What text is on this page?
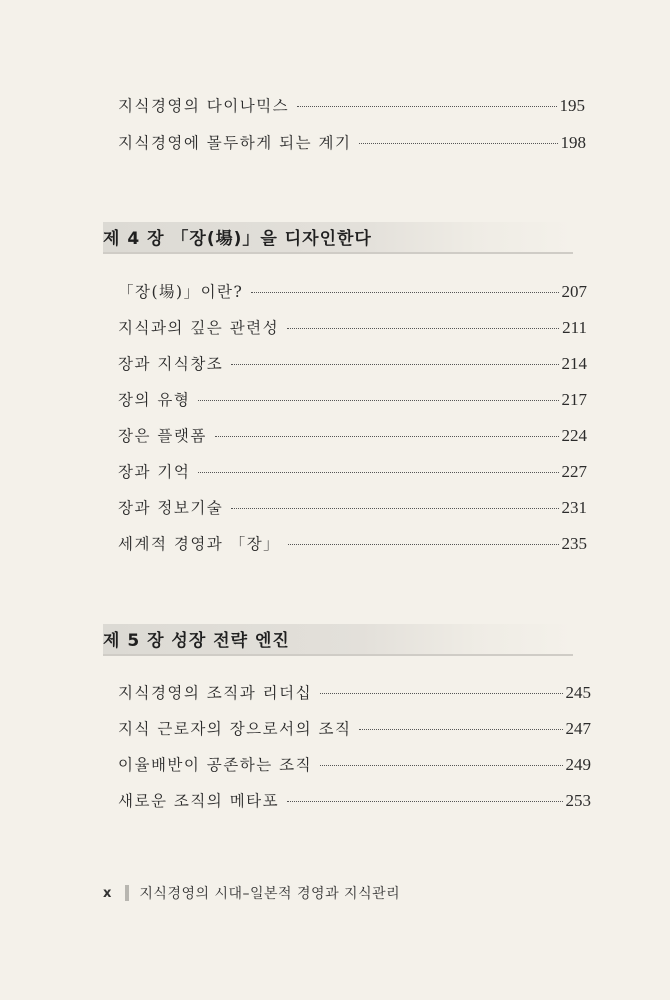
지식경영의 다이나믹스	195
지식경영에 몰두하게 되는 계기	198
제 4 장 「장(場)」을 디자인한다
「장(場)」이란?	207
지식과의 깊은 관련성	211
장과 지식창조	214
장의 유형	217
장은 플랫폼	224
장과 기억	227
장과 정보기술	231
세계적 경영과 「장」	235
제 5 장 성장 전략 엔진
지식경영의 조직과 리더십	245
지식 근로자의 장으로서의 조직	247
이율배반이 공존하는 조직	249
새로운 조직의 메타포	253
x 지식경영의 시대–일본적 경영과 지식관리
